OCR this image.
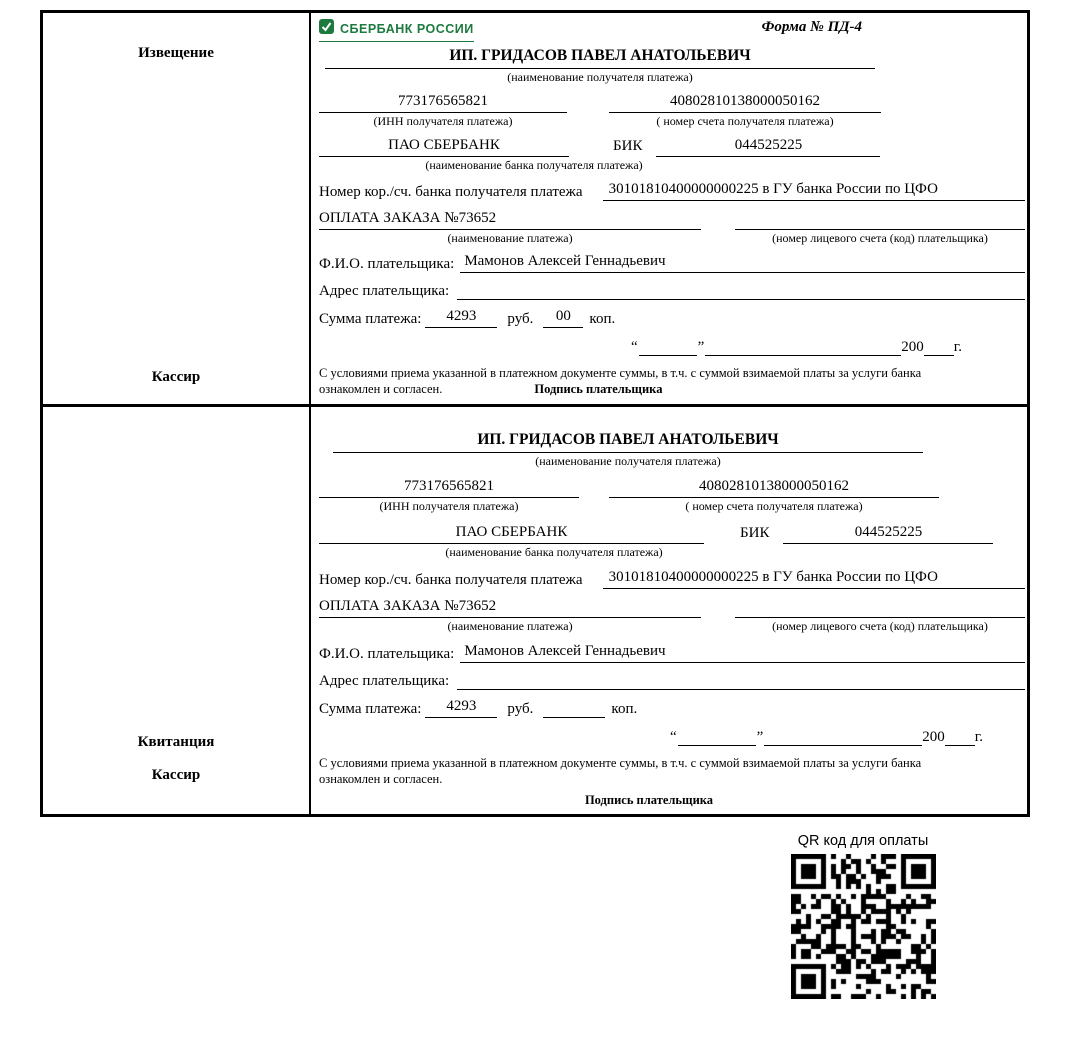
Извещение
Кассир
СБЕРБАНК РОССИИ	Форма № ПД-4
ИП. ГРИДАСОВ ПАВЕЛ АНАТОЛЬЕВИЧ
(наименование получателя платежа)
773176565821	40802810138000050162
(ИНН получателя платежа)	( номер счета получателя платежа)
ПАО СБЕРБАНК	БИК	044525225
(наименование банка получателя платежа)
Номер кор./сч. банка получателя платежа	30101810400000000225 в ГУ банка России по ЦФО
ОПЛАТА ЗАКАЗА №73652
(наименование платежа)	(номер лицевого счета (код) плательщика)
Ф.И.О. плательщика: Мамонов Алексей Геннадьевич
Адрес плательщика:
Сумма платежа:	4293	руб.	00	коп.
“	”	200 г.
С условиями приема указанной в платежном документе суммы, в т.ч. с суммой взимаемой платы за услуги банка
ознакомлен и согласен.	Подпись плательщика
Квитанция
Кассир
ИП. ГРИДАСОВ ПАВЕЛ АНАТОЛЬЕВИЧ
(наименование получателя платежа)
773176565821	40802810138000050162
(ИНН получателя платежа)	( номер счета получателя платежа)
ПАО СБЕРБАНК	БИК	044525225
(наименование банка получателя платежа)
Номер кор./сч. банка получателя платежа	30101810400000000225 в ГУ банка России по ЦФО
ОПЛАТА ЗАКАЗА №73652
(наименование платежа)	(номер лицевого счета (код) плательщика)
Ф.И.О. плательщика: Мамонов Алексей Геннадьевич
Адрес плательщика:
Сумма платежа:	4293	руб.	коп.
“	”	200 г.
С условиями приема указанной в платежном документе суммы, в т.ч. с суммой взимаемой платы за услуги банка
ознакомлен и согласен.
Подпись плательщика
QR код для оплаты
